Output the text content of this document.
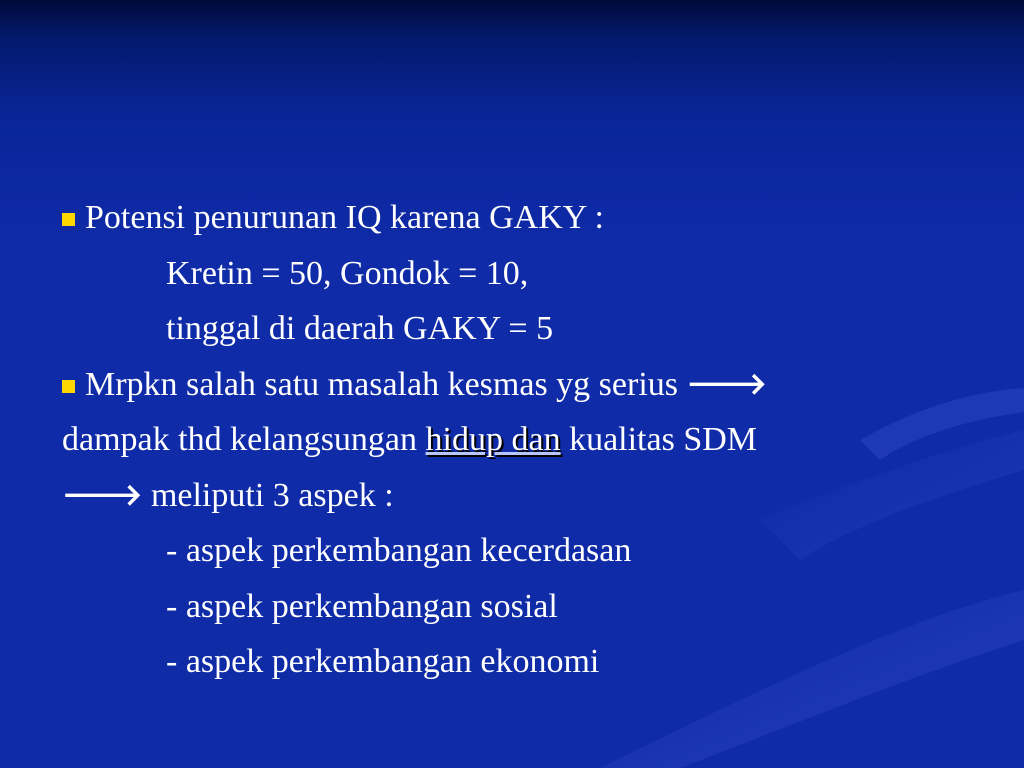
Potensi penurunan IQ karena GAKY :
Kretin = 50, Gondok = 10,
tinggal di daerah GAKY = 5
Mrpkn salah satu masalah kesmas yg serius 🡒
dampak thd kelangsungan hidup dan kualitas SDM
🡒 meliputi 3 aspek :
- aspek perkembangan kecerdasan
- aspek perkembangan sosial
- aspek perkembangan ekonomi
